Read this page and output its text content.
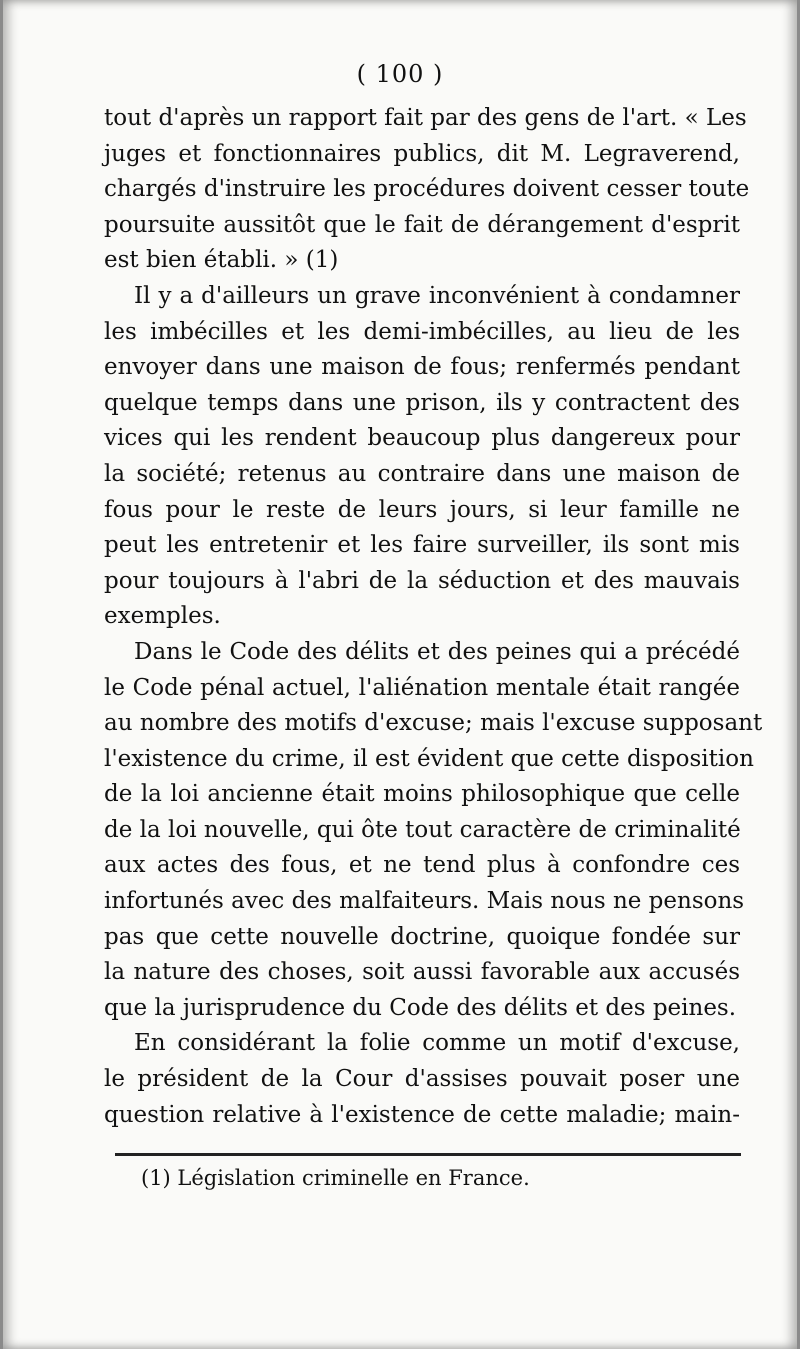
( 100 )
tout d'après un rapport fait par des gens de l'art. « Les
juges et fonctionnaires publics, dit M. Legraverend,
chargés d'instruire les procédures doivent cesser toute
poursuite aussitôt que le fait de dérangement d'esprit
est bien établi. » (1)
Il y a d'ailleurs un grave inconvénient à condamner
les imbécilles et les demi-imbécilles, au lieu de les
envoyer dans une maison de fous; renfermés pendant
quelque temps dans une prison, ils y contractent des
vices qui les rendent beaucoup plus dangereux pour
la société; retenus au contraire dans une maison de
fous pour le reste de leurs jours, si leur famille ne
peut les entretenir et les faire surveiller, ils sont mis
pour toujours à l'abri de la séduction et des mauvais
exemples.
Dans le Code des délits et des peines qui a précédé
le Code pénal actuel, l'aliénation mentale était rangée
au nombre des motifs d'excuse; mais l'excuse supposant
l'existence du crime, il est évident que cette disposition
de la loi ancienne était moins philosophique que celle
de la loi nouvelle, qui ôte tout caractère de criminalité
aux actes des fous, et ne tend plus à confondre ces
infortunés avec des malfaiteurs. Mais nous ne pensons
pas que cette nouvelle doctrine, quoique fondée sur
la nature des choses, soit aussi favorable aux accusés
que la jurisprudence du Code des délits et des peines.
En considérant la folie comme un motif d'excuse,
le président de la Cour d'assises pouvait poser une
question relative à l'existence de cette maladie; main-
(1) Législation criminelle en France.
